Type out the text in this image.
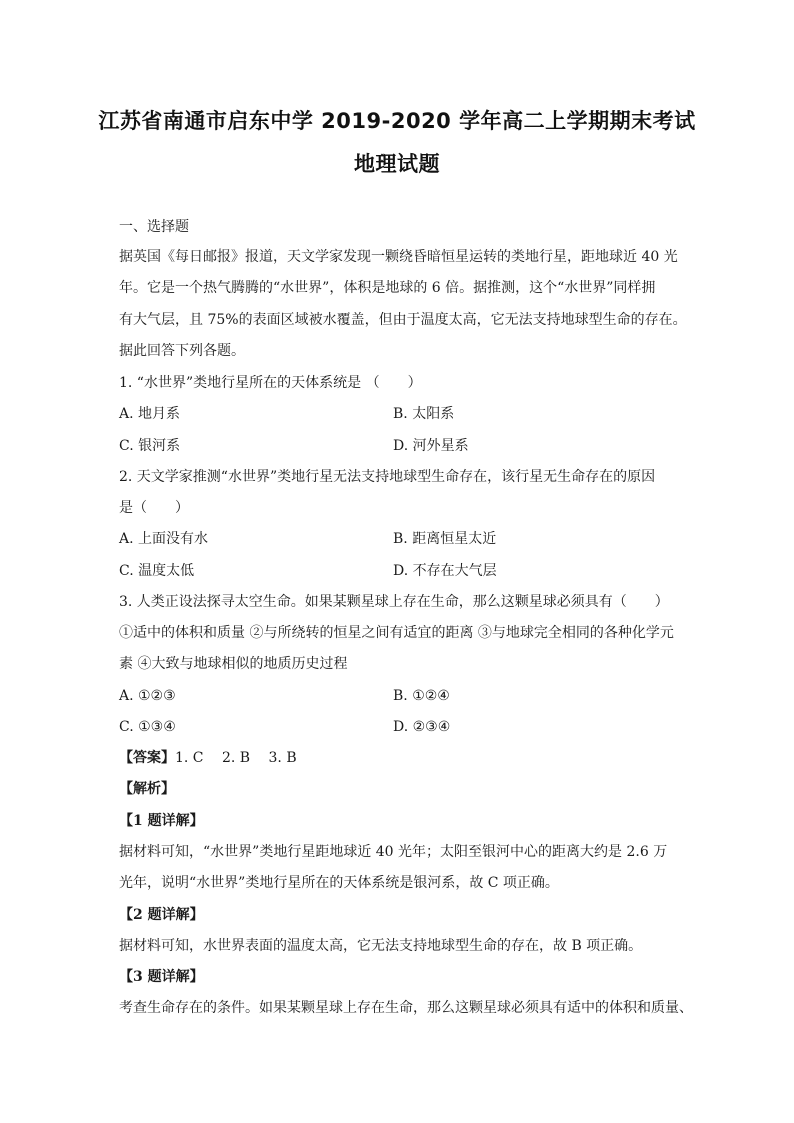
江苏省南通市启东中学 2019-2020 学年高二上学期期末考试
地理试题
一、选择题
据英国《每日邮报》报道，天文学家发现一颗绕昏暗恒星运转的类地行星，距地球近 40 光
年。它是一个热气腾腾的“水世界”，体积是地球的 6 倍。据推测，这个“水世界”同样拥
有大气层，且 75%的表面区域被水覆盖，但由于温度太高，它无法支持地球型生命的存在。
据此回答下列各题。
1. “水世界”类地行星所在的天体系统是 （　　）
A. 地月系	B. 太阳系
C. 银河系	D. 河外星系
2. 天文学家推测“水世界”类地行星无法支持地球型生命存在，该行星无生命存在的原因
是（　　）
A. 上面没有水	B. 距离恒星太近
C. 温度太低	D. 不存在大气层
3. 人类正设法探寻太空生命。如果某颗星球上存在生命，那么这颗星球必须具有（　　）
①适中的体积和质量 ②与所绕转的恒星之间有适宜的距离 ③与地球完全相同的各种化学元
素 ④大致与地球相似的地质历史过程
A. ①②③	B. ①②④
C. ①③④	D. ②③④
【答案】1. C　 2. B　 3. B
【解析】
【1 题详解】
据材料可知，“水世界”类地行星距地球近 40 光年；太阳至银河中心的距离大约是 2.6 万
光年，说明“水世界”类地行星所在的天体系统是银河系，故 C 项正确。
【2 题详解】
据材料可知，水世界表面的温度太高，它无法支持地球型生命的存在，故 B 项正确。
【3 题详解】
考查生命存在的条件。如果某颗星球上存在生命，那么这颗星球必须具有适中的体积和质量、
